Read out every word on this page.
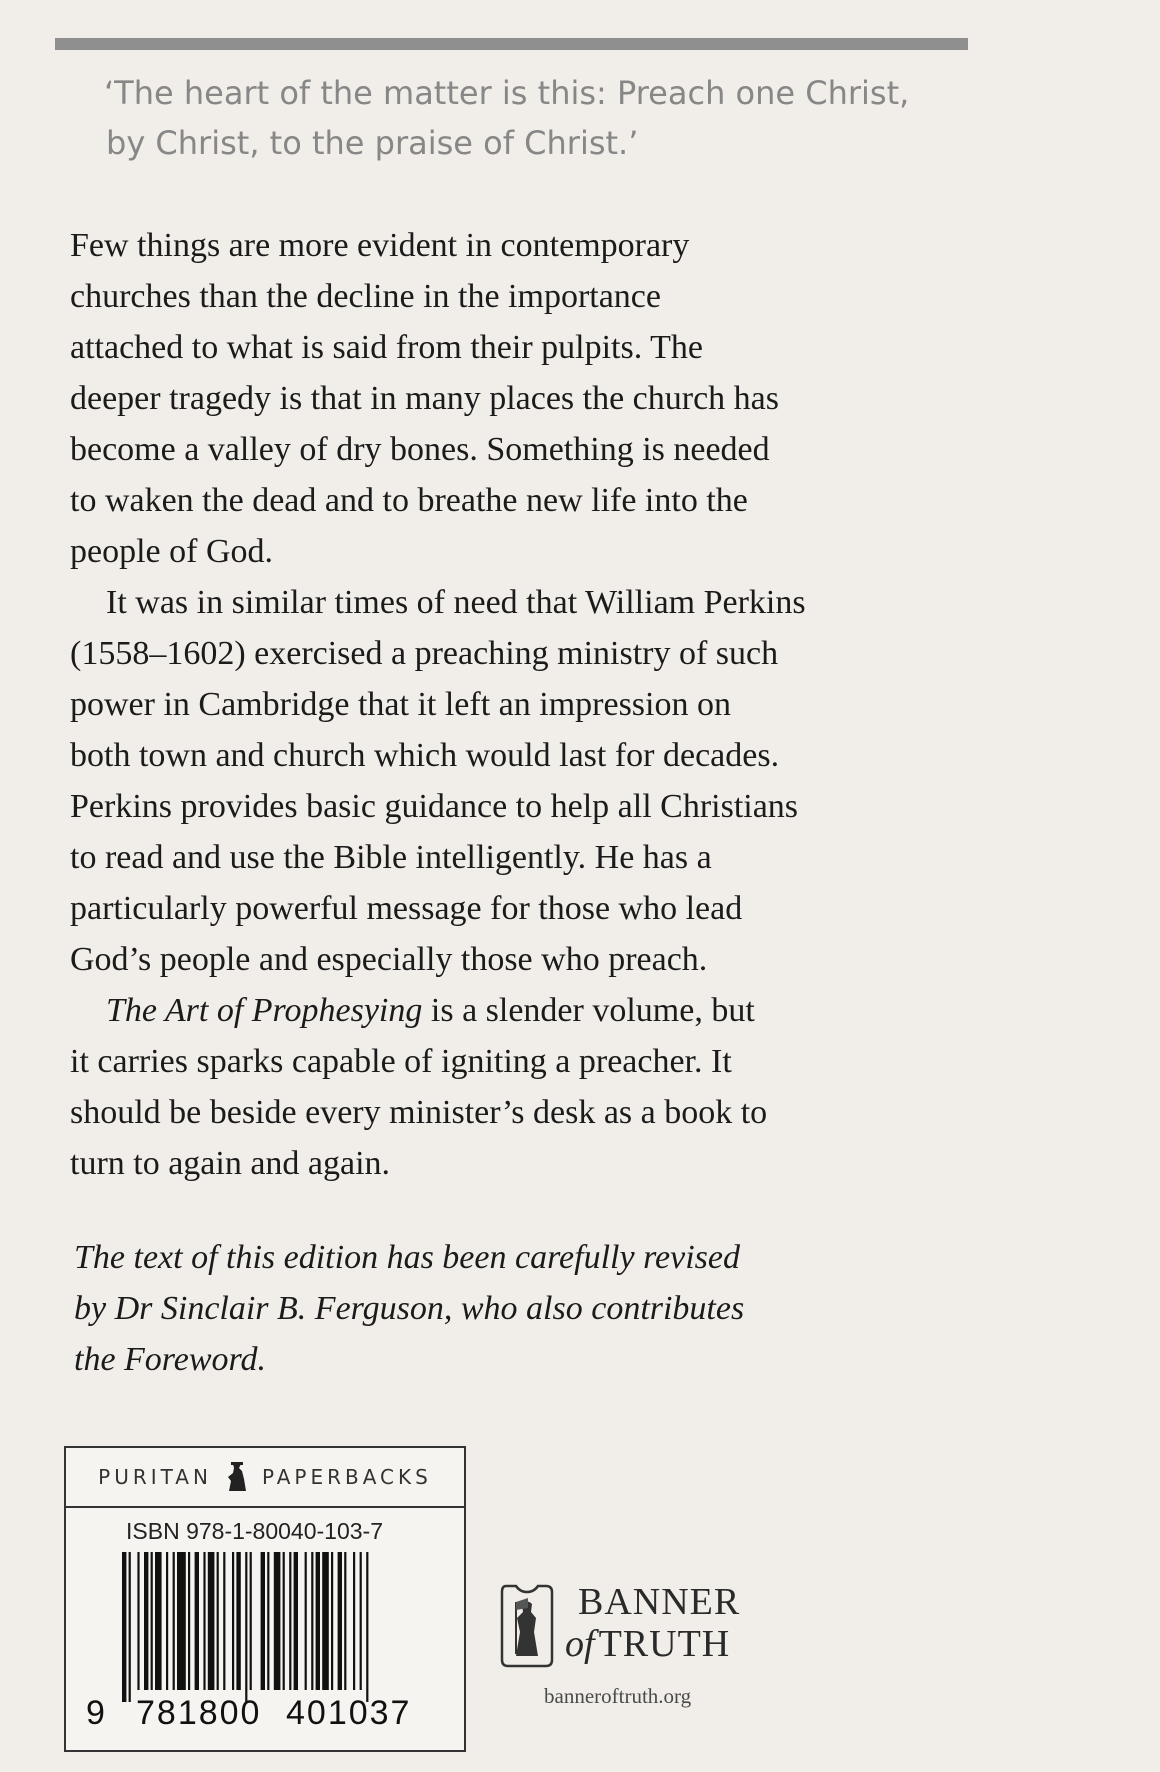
‘The heart of the matter is this: Preach one Christ,
by Christ, to the praise of Christ.’
Few things are more evident in contemporary
churches than the decline in the importance
attached to what is said from their pulpits. The
deeper tragedy is that in many places the church has
become a valley of dry bones. Something is needed
to waken the dead and to breathe new life into the
people of God.
It was in similar times of need that William Perkins
(1558–1602) exercised a preaching ministry of such
power in Cambridge that it left an impression on
both town and church which would last for decades.
Perkins provides basic guidance to help all Christians
to read and use the Bible intelligently. He has a
particularly powerful message for those who lead
God’s people and especially those who preach.
The Art of Prophesying is a slender volume, but
it carries sparks capable of igniting a preacher. It
should be beside every minister’s desk as a book to
turn to again and again.
The text of this edition has been carefully revised
by Dr Sinclair B. Ferguson, who also contributes
the Foreword.
PURITAN	PAPERBACKS
ISBN 978-1-80040-103-7
9 781800 401037
BANNER
of TRUTH
banneroftruth.org
